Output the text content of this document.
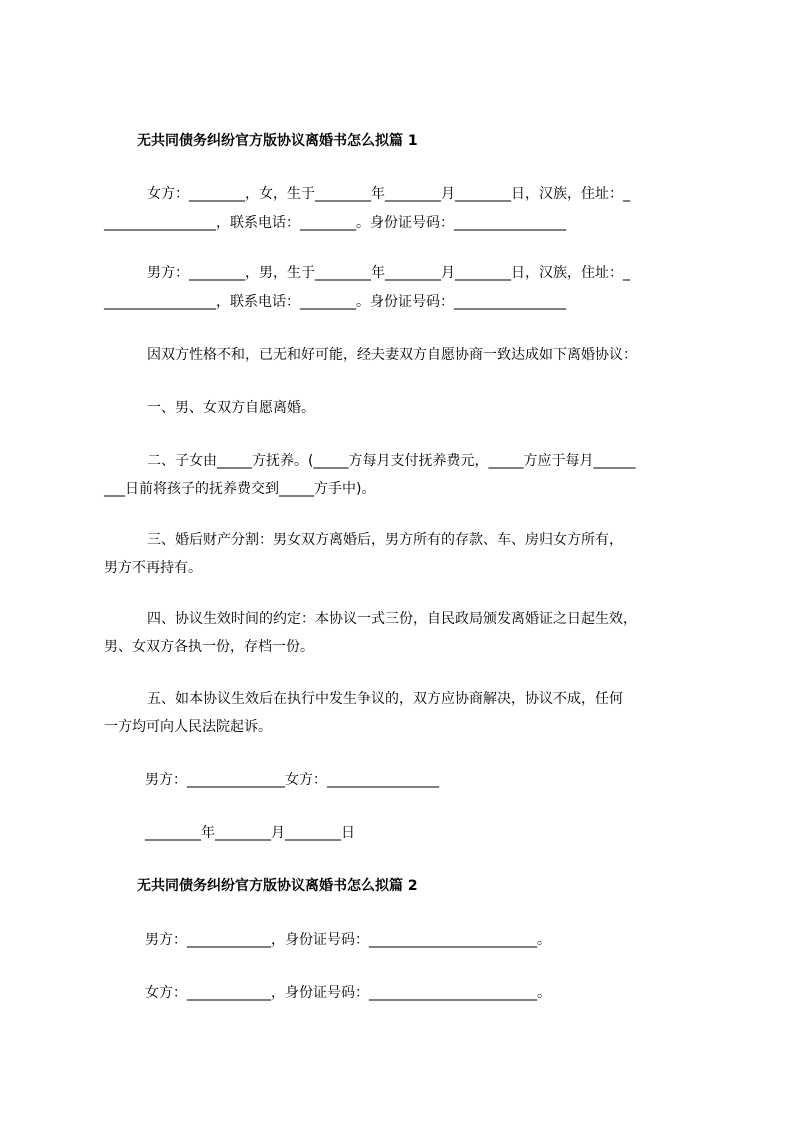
无共同债务纠纷官方版协议离婚书怎么拟篇 1
女方：________，女，生于________年________月________日，汉族，住址：_
________________，联系电话：________。身份证号码：________________
男方：________，男，生于________年________月________日，汉族，住址：_
________________，联系电话：________。身份证号码：________________
因双方性格不和，已无和好可能，经夫妻双方自愿协商一致达成如下离婚协议：
一、男、女双方自愿离婚。
二、子女由_____方抚养。(_____方每月支付抚养费元，_____方应于每月______
___日前将孩子的抚养费交到_____方手中)。
三、婚后财产分割：男女双方离婚后，男方所有的存款、车、房归女方所有，
男方不再持有。
四、协议生效时间的约定：本协议一式三份，自民政局颁发离婚证之日起生效，
男、女双方各执一份，存档一份。
五、如本协议生效后在执行中发生争议的，双方应协商解决，协议不成，任何
一方均可向人民法院起诉。
男方：______________女方：________________
________年________月________日
无共同债务纠纷官方版协议离婚书怎么拟篇 2
男方：____________，身份证号码：________________________。
女方：____________，身份证号码：________________________。
